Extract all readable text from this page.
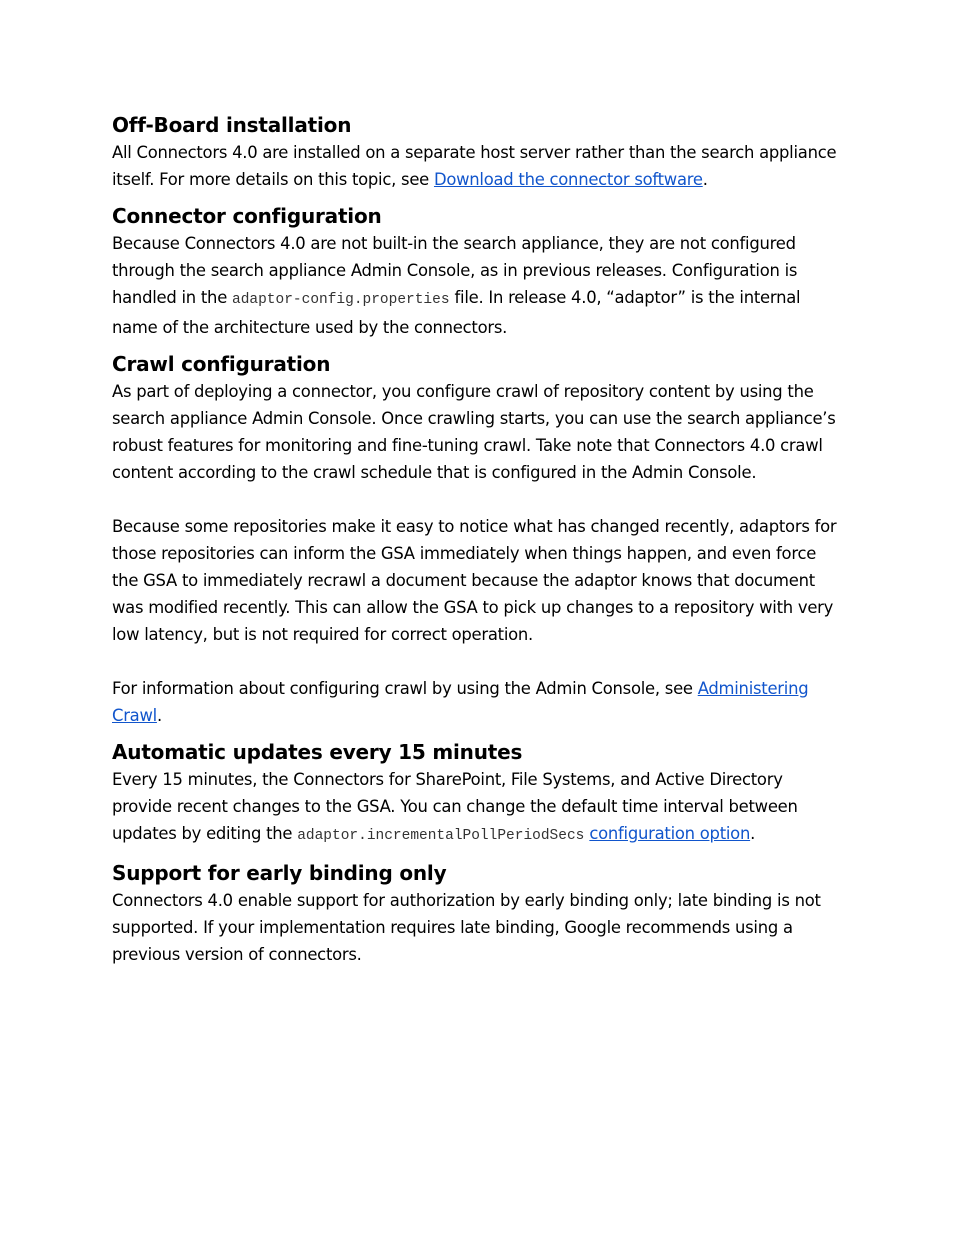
Off-Board installation

All Connectors 4.0 are installed on a separate host server rather than the search appliance itself. For more details on this topic, see Download the connector software.

Connector configuration

Because Connectors 4.0 are not built-in the search appliance, they are not configured through the search appliance Admin Console, as in previous releases. Configuration is handled in the adaptor-config.properties file. In release 4.0, “adaptor” is the internal name of the architecture used by the connectors.

Crawl configuration

As part of deploying a connector, you configure crawl of repository content by using the search appliance Admin Console. Once crawling starts, you can use the search appliance’s robust features for monitoring and fine-tuning crawl. Take note that Connectors 4.0 crawl content according to the crawl schedule that is configured in the Admin Console.

Because some repositories make it easy to notice what has changed recently, adaptors for those repositories can inform the GSA immediately when things happen, and even force the GSA to immediately recrawl a document because the adaptor knows that document was modified recently. This can allow the GSA to pick up changes to a repository with very low latency, but is not required for correct operation.

For information about configuring crawl by using the Admin Console, see Administering Crawl.

Automatic updates every 15 minutes

Every 15 minutes, the Connectors for SharePoint, File Systems, and Active Directory provide recent changes to the GSA. You can change the default time interval between updates by editing the adaptor.incrementalPollPeriodSecs configuration option.

Support for early binding only

Connectors 4.0 enable support for authorization by early binding only; late binding is not supported. If your implementation requires late binding, Google recommends using a previous version of connectors.
